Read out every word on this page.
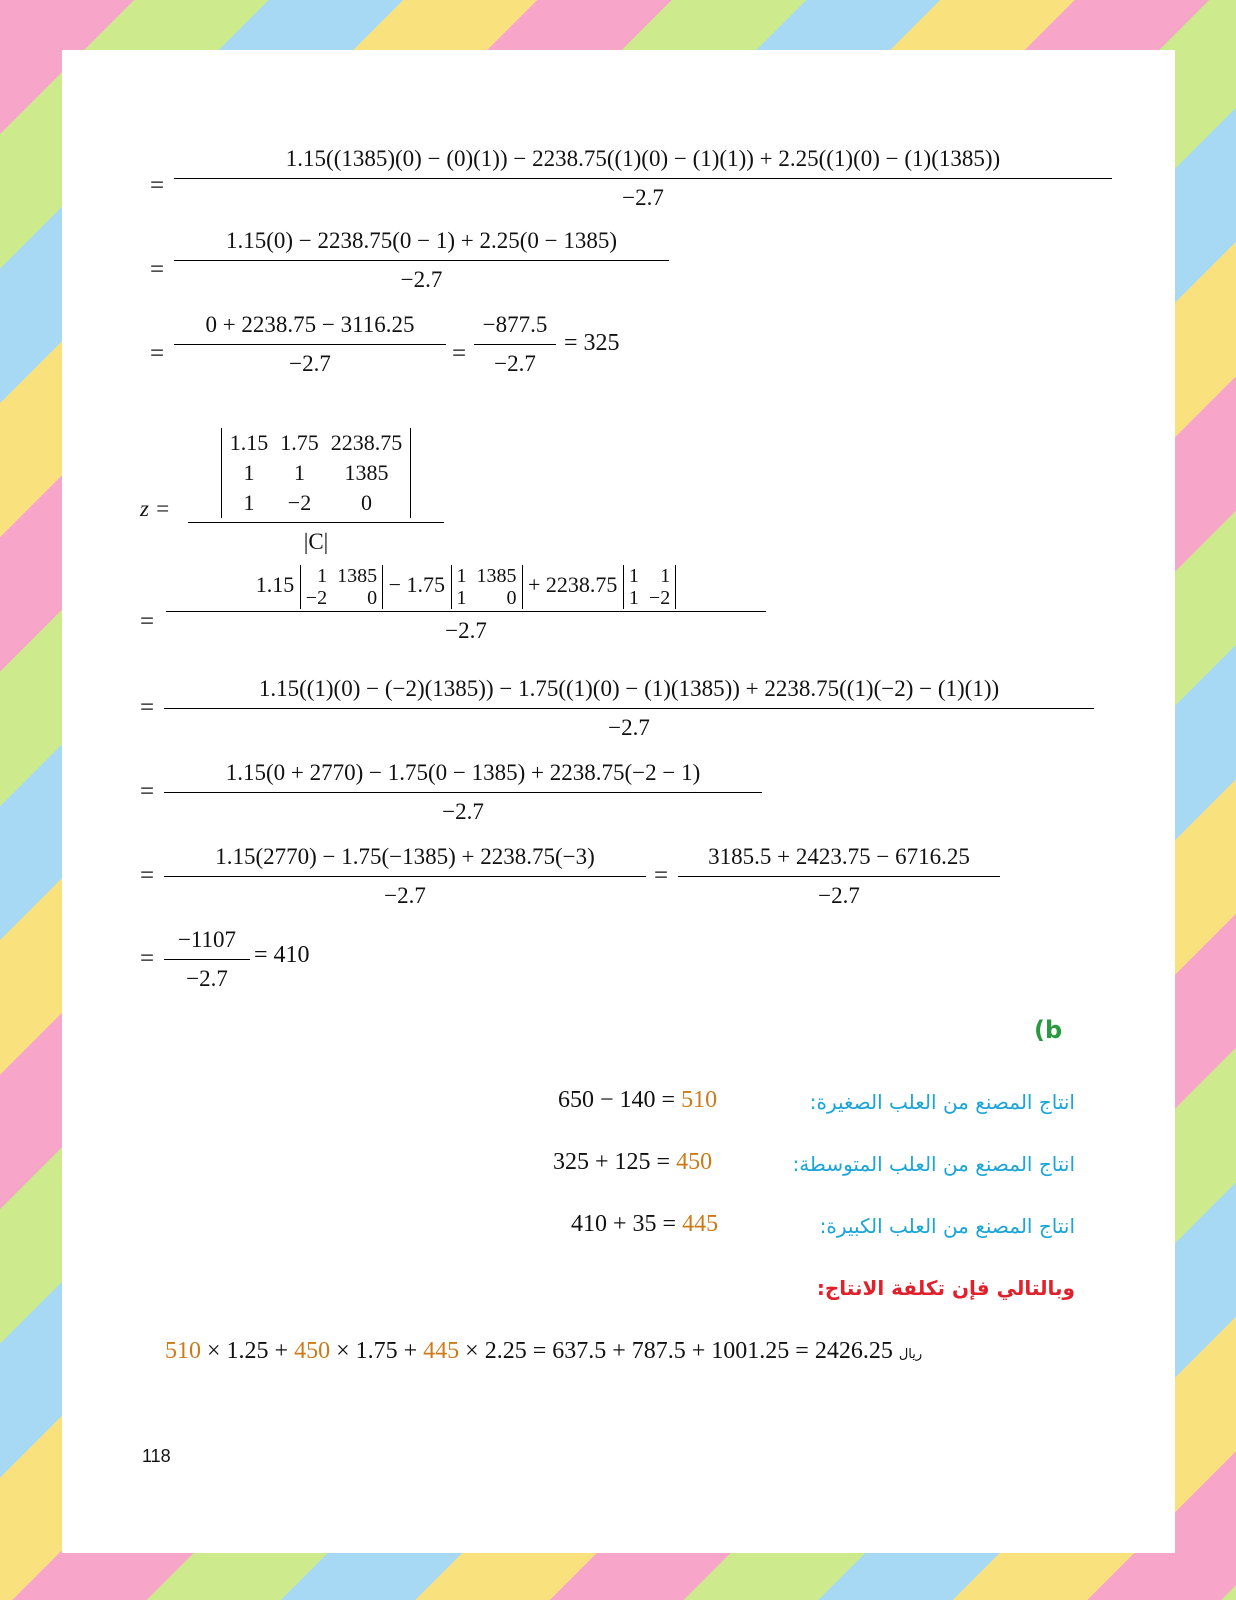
=
1.15((1385)(0) − (0)(1)) − 2238.75((1)(0) − (1)(1)) + 2.25((1)(0) − (1)(1385))
−2.7
= $\frac{1.15(0) - 2238.75(0 - 1) + 2.25(0 - 1385)}{-2.7}$
= $\frac{0 + 2238.75 - 3116.25}{-2.7} = \frac{-877.5}{-2.7} = 325$
z = 1.15	1.75	2238.75
1	1	1385
1	−2	0
|C|
=
1.15 1	1385
−2	0
− 1.75 1	1385
1	0
+ 2238.75 1	1
1	−2
−2.7
=
1.15((1)(0) − (−2)(1385)) − 1.75((1)(0) − (1)(1385)) + 2238.75((1)(−2) − (1)(1))
−2.7
= $\frac{1.15(0 + 2770) - 1.75(0 - 1385) + 2238.75(-2 - 1)}{-2.7}$
= $\frac{1.15(2770) - 1.75(-1385) + 2238.75(-3)}{-2.7} = \frac{3185.5 + 2423.75 - 6716.25}{-2.7}$
= $\frac{-1107}{-2.7} = 410$
(b
انتاج المصنع من العلب الصغيرة:
650 − 140 = 510
انتاج المصنع من العلب المتوسطة:
325 + 125 = 450
انتاج المصنع من العلب الكبيرة:
410 + 35 = 445
وبالتالي فإن تكلفة الانتاج:
510 × 1.25 + 450 × 1.75 + 445 × 2.25 = 637.5 + 787.5 + 1001.25 = 2426.25 ريال
118
